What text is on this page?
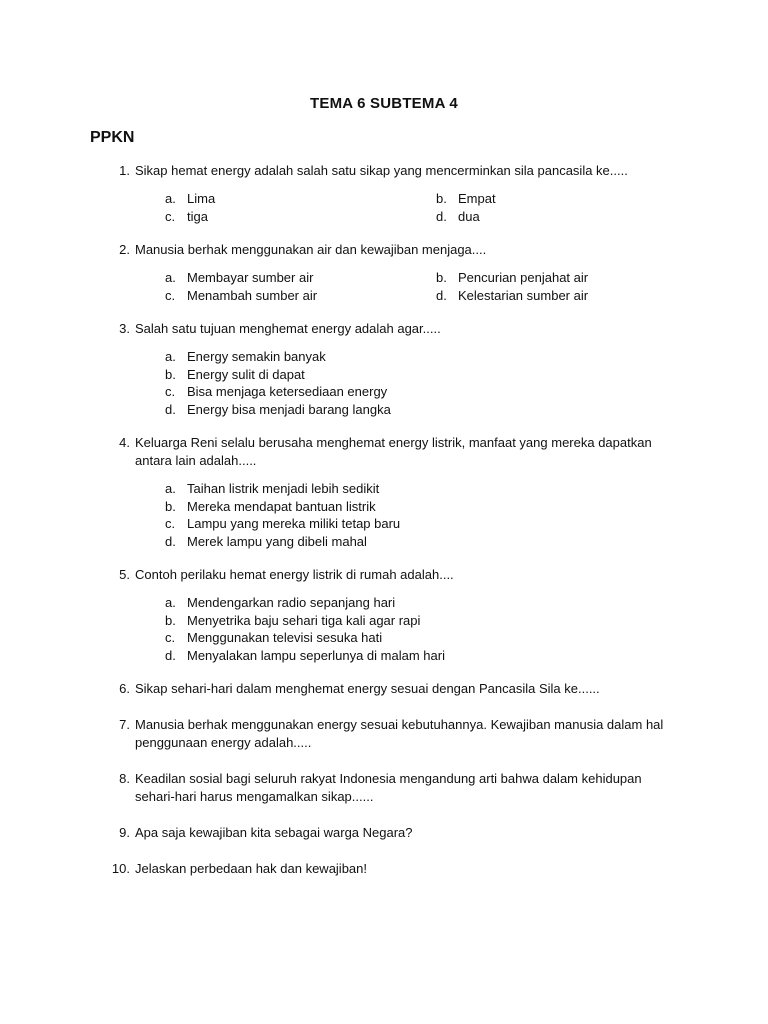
TEMA 6 SUBTEMA 4
PPKN
1. Sikap hemat energy adalah salah satu sikap yang mencerminkan sila pancasila ke.....
a. Lima	b. Empat
c. tiga	d. dua
2. Manusia berhak menggunakan air dan kewajiban menjaga....
a. Membayar sumber air	b. Pencurian penjahat air
c. Menambah sumber air	d. Kelestarian sumber air
3. Salah satu tujuan menghemat energy adalah agar.....
a. Energy semakin banyak
b. Energy sulit di dapat
c. Bisa menjaga ketersediaan energy
d. Energy bisa menjadi barang langka
4. Keluarga Reni selalu berusaha menghemat energy listrik, manfaat yang mereka dapatkan antara lain adalah.....
a. Taihan listrik menjadi lebih sedikit
b. Mereka mendapat bantuan listrik
c. Lampu yang mereka miliki tetap baru
d. Merek lampu yang dibeli mahal
5. Contoh perilaku hemat energy listrik di rumah adalah....
a. Mendengarkan radio sepanjang hari
b. Menyetrika baju sehari tiga kali agar rapi
c. Menggunakan televisi sesuka hati
d. Menyalakan lampu seperlunya di malam hari
6. Sikap sehari-hari dalam menghemat energy sesuai dengan Pancasila Sila ke......
7. Manusia berhak menggunakan energy sesuai kebutuhannya. Kewajiban manusia dalam hal penggunaan energy adalah.....
8. Keadilan sosial bagi seluruh rakyat Indonesia mengandung arti bahwa dalam kehidupan sehari-hari harus mengamalkan sikap......
9. Apa saja kewajiban kita sebagai warga Negara?
10. Jelaskan perbedaan hak dan kewajiban!
